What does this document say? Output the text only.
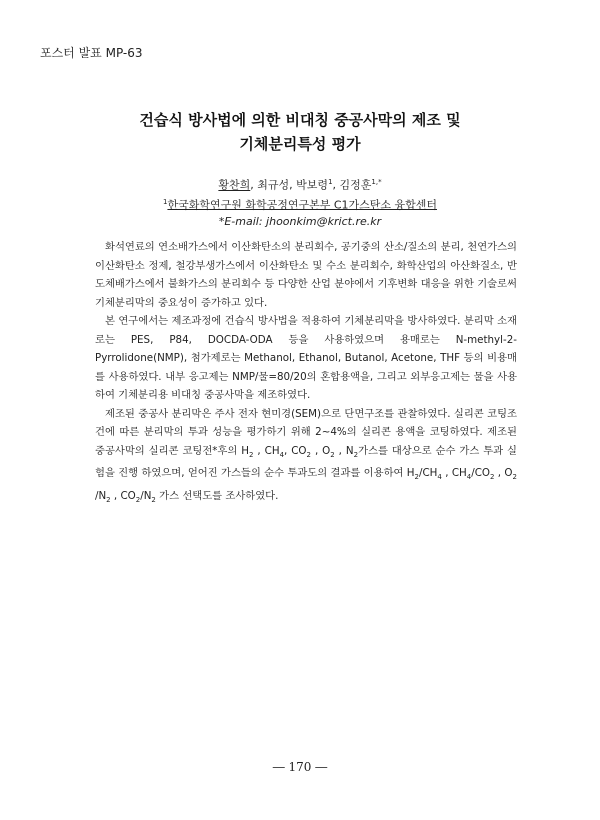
포스터 발표 MP-63
건습식 방사법에 의한 비대칭 중공사막의 제조 및
기체분리특성 평가
황찬희, 최규성, 박보령$^1$, 김정훈$^{1,*}$
$^1$한국화학연구원 화학공정연구본부 C1가스탄소 융합센터
*E-mail: jhoonkim@krict.re.kr

화석연료의 연소배가스에서 이산화탄소의 분리회수, 공기중의 산소/질소의 분리, 천연가스의 이산화탄소 정제, 철강부생가스에서 이산화탄소 및 수소 분리회수, 화학산업의 아산화질소, 반도체배가스에서 불화가스의 분리회수 등 다양한 산업 분야에서 기후변화 대응을 위한 기술로써 기체분리막의 중요성이 증가하고 있다.

본 연구에서는 제조과정에 건습식 방사법을 적용하여 기체분리막을 방사하였다. 분리막 소재로는 PES, P84, DOCDA-ODA 등을 사용하였으며 용매로는 N-methyl-2-Pyrrolidone(NMP), 첨가제로는 Methanol, Ethanol, Butanol, Acetone, THF 등의 비용매를 사용하였다. 내부 응고제는 NMP/물=80/20의 혼합용액을, 그리고 외부응고제는 물을 사용하여 기체분리용 비대칭 중공사막을 제조하였다.

제조된 중공사 분리막은 주사 전자 현미경(SEM)으로 단면구조를 관찰하였다. 실리콘 코팅조건에 따른 분리막의 투과 성능을 평가하기 위해 2~4%의 실리콘 용액을 코팅하였다. 제조된 중공사막의 실리콘 코팅전*후의 $H_2$ , $CH_4$, $CO_2$ , $O_2$ , $N_2$가스를 대상으로 순수 가스 투과 실험을 진행 하였으며, 얻어진 가스들의 순수 투과도의 결과를 이용하여 $H_2/CH_4$ , $CH_4/CO_2$ , $O_2$ $/N_2$ , $CO_2/N_2$ 가스 선택도를 조사하였다.

― 170 ―
